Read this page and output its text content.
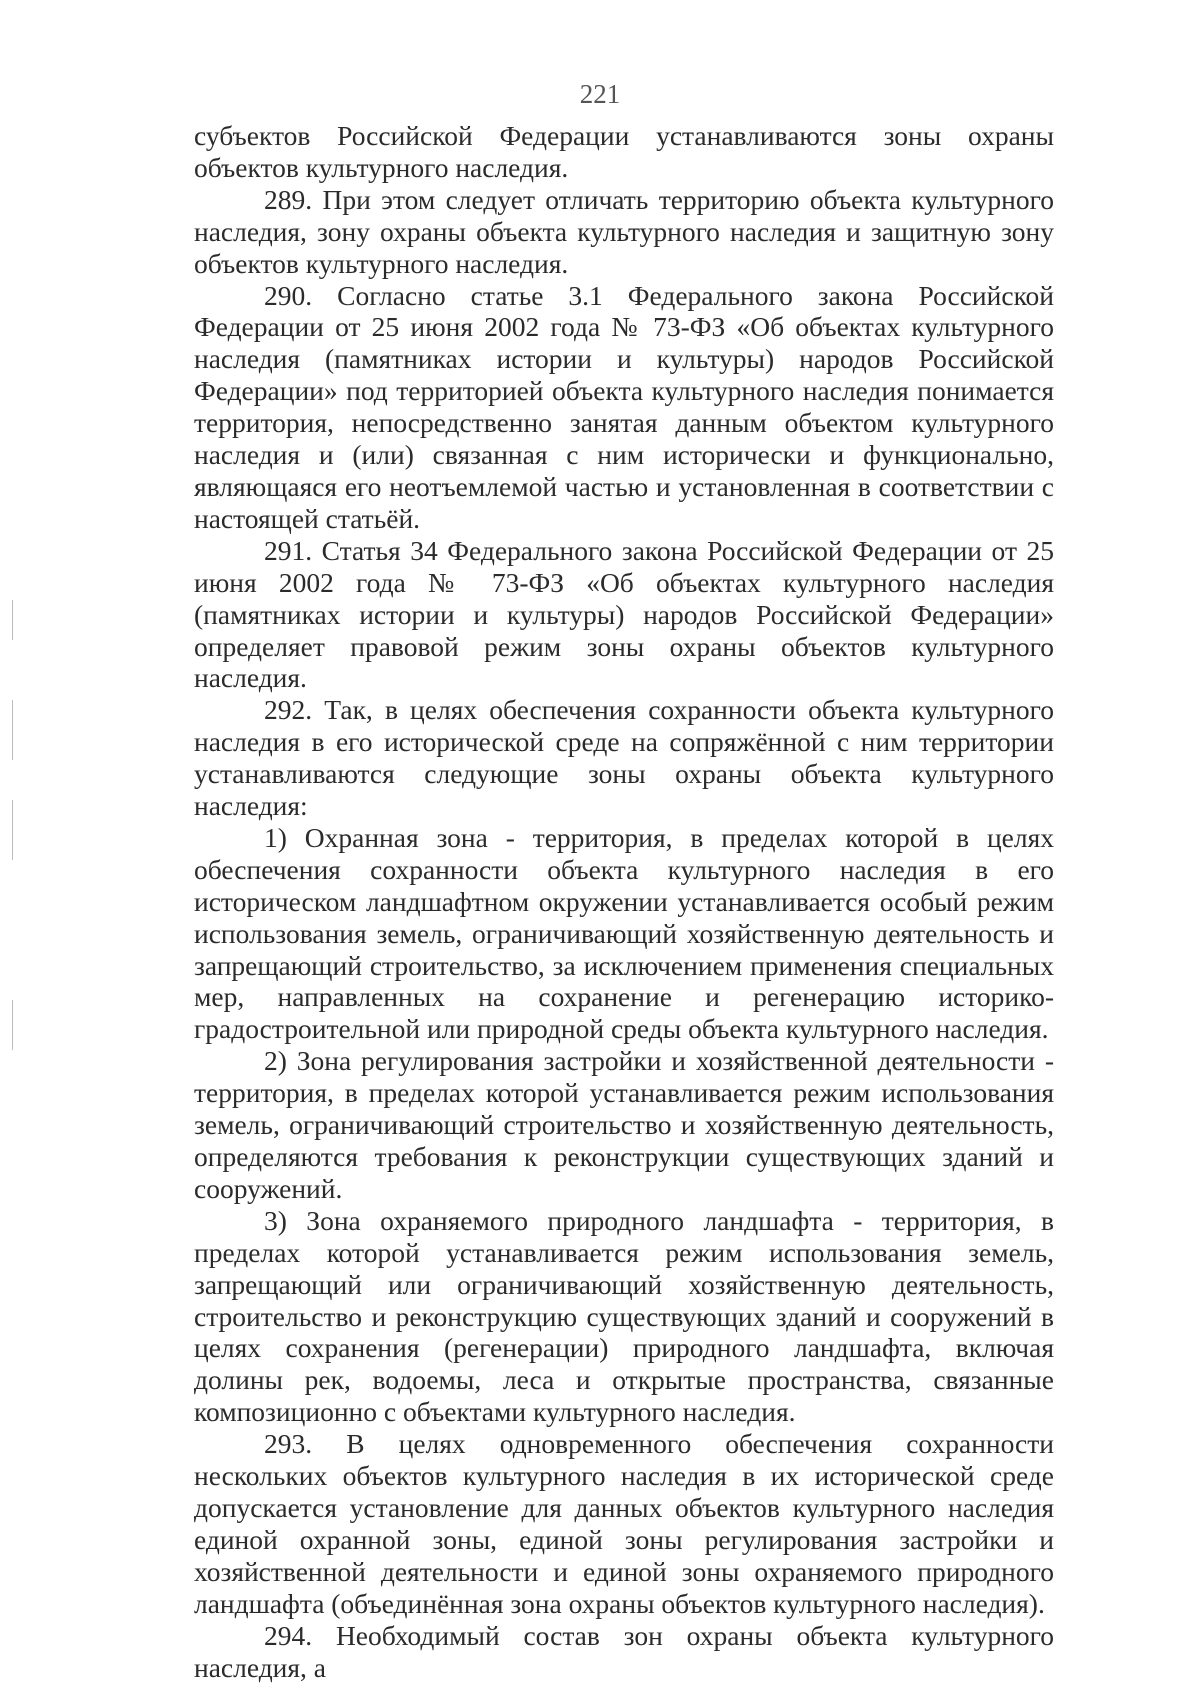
221

субъектов Российской Федерации устанавливаются зоны охраны объектов культурного наследия.

289. При этом следует отличать территорию объекта культурного наследия, зону охраны объекта культурного наследия и защитную зону объектов культурного наследия.

290. Согласно статье 3.1 Федерального закона Российской Федерации от 25 июня 2002 года № 73-ФЗ «Об объектах культурного наследия (памятниках истории и культуры) народов Российской Федерации» под территорией объекта культурного наследия понимается территория, непосредственно занятая данным объектом культурного наследия и (или) связанная с ним исторически и функционально, являющаяся его неотъемлемой частью и установленная в соответствии с настоящей статьёй.

291. Статья 34 Федерального закона Российской Федерации от 25 июня 2002 года № 73-ФЗ «Об объектах культурного наследия (памятниках истории и культуры) народов Российской Федерации» определяет правовой режим зоны охраны объектов культурного наследия.

292. Так, в целях обеспечения сохранности объекта культурного наследия в его исторической среде на сопряжённой с ним территории устанавливаются следующие зоны охраны объекта культурного наследия:

1) Охранная зона - территория, в пределах которой в целях обеспечения сохранности объекта культурного наследия в его историческом ландшафтном окружении устанавливается особый режим использования земель, ограничивающий хозяйственную деятельность и запрещающий строительство, за исключением применения специальных мер, направленных на сохранение и регенерацию историко-градостроительной или природной среды объекта культурного наследия.

2) Зона регулирования застройки и хозяйственной деятельности - территория, в пределах которой устанавливается режим использования земель, ограничивающий строительство и хозяйственную деятельность, определяются требования к реконструкции существующих зданий и сооружений.

3) Зона охраняемого природного ландшафта - территория, в пределах которой устанавливается режим использования земель, запрещающий или ограничивающий хозяйственную деятельность, строительство и реконструкцию существующих зданий и сооружений в целях сохранения (регенерации) природного ландшафта, включая долины рек, водоемы, леса и открытые пространства, связанные композиционно с объектами культурного наследия.

293. В целях одновременного обеспечения сохранности нескольких объектов культурного наследия в их исторической среде допускается установление для данных объектов культурного наследия единой охранной зоны, единой зоны регулирования застройки и хозяйственной деятельности и единой зоны охраняемого природного ландшафта (объединённая зона охраны объектов культурного наследия).

294. Необходимый состав зон охраны объекта культурного наследия, а
